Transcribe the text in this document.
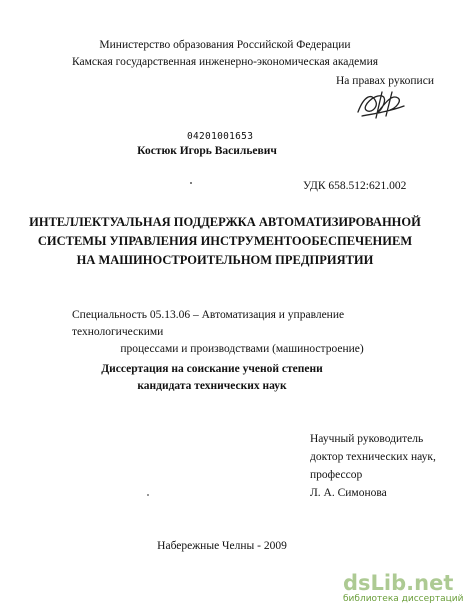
Министерство образования Российской Федерации
Камская государственная инженерно-экономическая академия
На правах рукописи
04201001653
Костюк Игорь Васильевич
УДК 658.512:621.002
ИНТЕЛЛЕКТУАЛЬНАЯ ПОДДЕРЖКА АВТОМАТИЗИРОВАННОЙ
СИСТЕМЫ УПРАВЛЕНИЯ ИНСТРУМЕНТООБЕСПЕЧЕНИЕМ
НА МАШИНОСТРОИТЕЛЬНОМ ПРЕДПРИЯТИИ
Специальность 05.13.06 – Автоматизация и управление технологическими
процессами и производствами (машиностроение)
Диссертация на соискание ученой степени
кандидата технических наук
Научный руководитель
доктор технических наук,
профессор
Л. А. Симонова
Набережные Челны - 2009
dsLib.net
библиотека диссертаций
